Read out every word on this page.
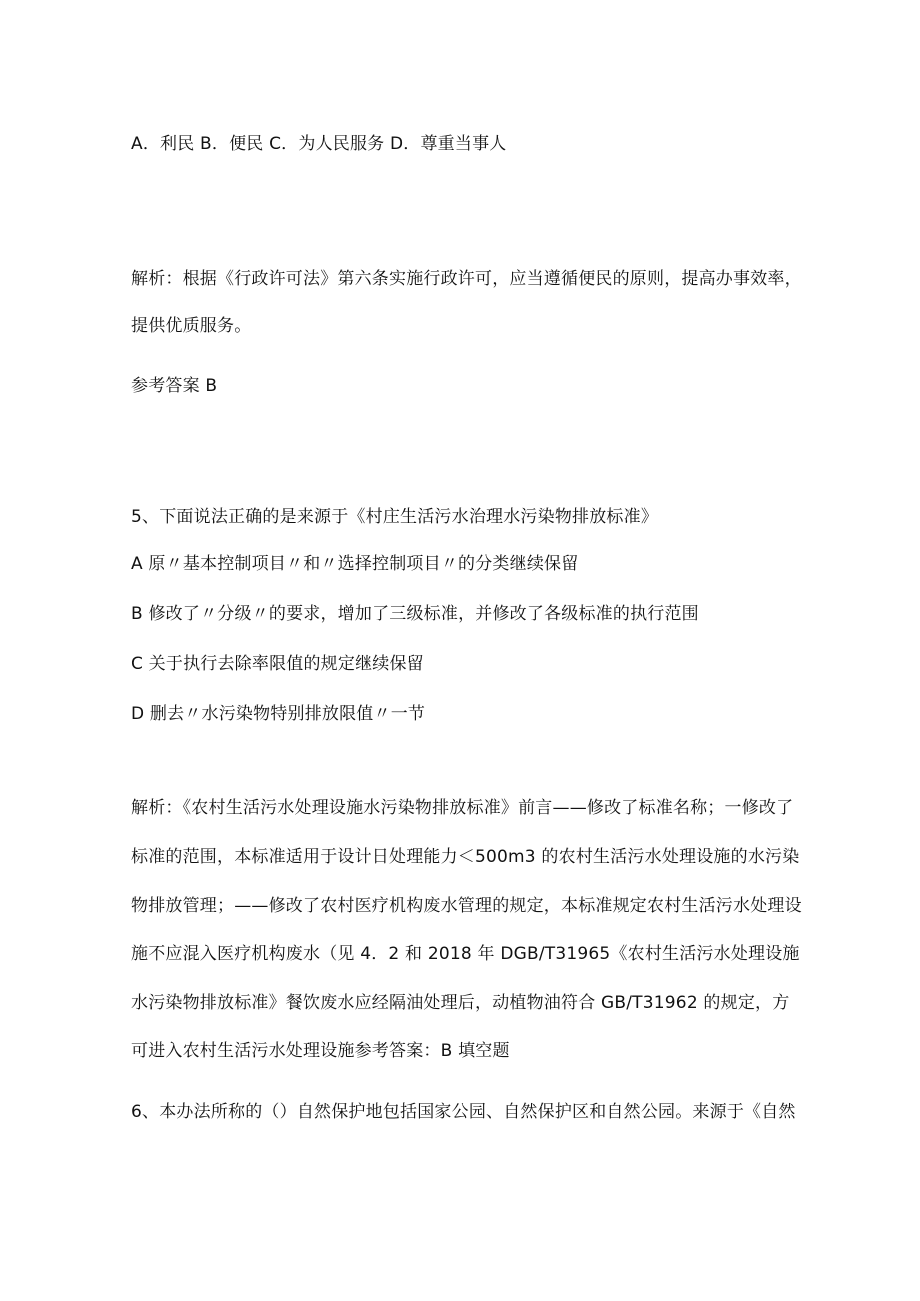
A．利民 B．便民 C．为人民服务 D．尊重当事人
解析：根据《行政许可法》第六条实施行政许可，应当遵循便民的原则，提高办事效率，
提供优质服务。
参考答案 B
5、下面说法正确的是来源于《村庄生活污水治理水污染物排放标准》
A 原〃基本控制项目〃和〃选择控制项目〃的分类继续保留
B 修改了〃分级〃的要求，增加了三级标准，并修改了各级标准的执行范围
C 关于执行去除率限值的规定继续保留
D 删去〃水污染物特别排放限值〃一节
解析：《农村生活污水处理设施水污染物排放标准》前言——修改了标准名称；一修改了
标准的范围，本标准适用于设计日处理能力＜500m3 的农村生活污水处理设施的水污染
物排放管理；——修改了农村医疗机构废水管理的规定，本标准规定农村生活污水处理设
施不应混入医疗机构废水（见 4．2 和 2018 年 DGB/T31965《农村生活污水处理设施
水污染物排放标准》餐饮废水应经隔油处理后，动植物油符合 GB/T31962 的规定，方
可进入农村生活污水处理设施参考答案：B 填空题
6、本办法所称的（）自然保护地包括国家公园、自然保护区和自然公园。来源于《自然
